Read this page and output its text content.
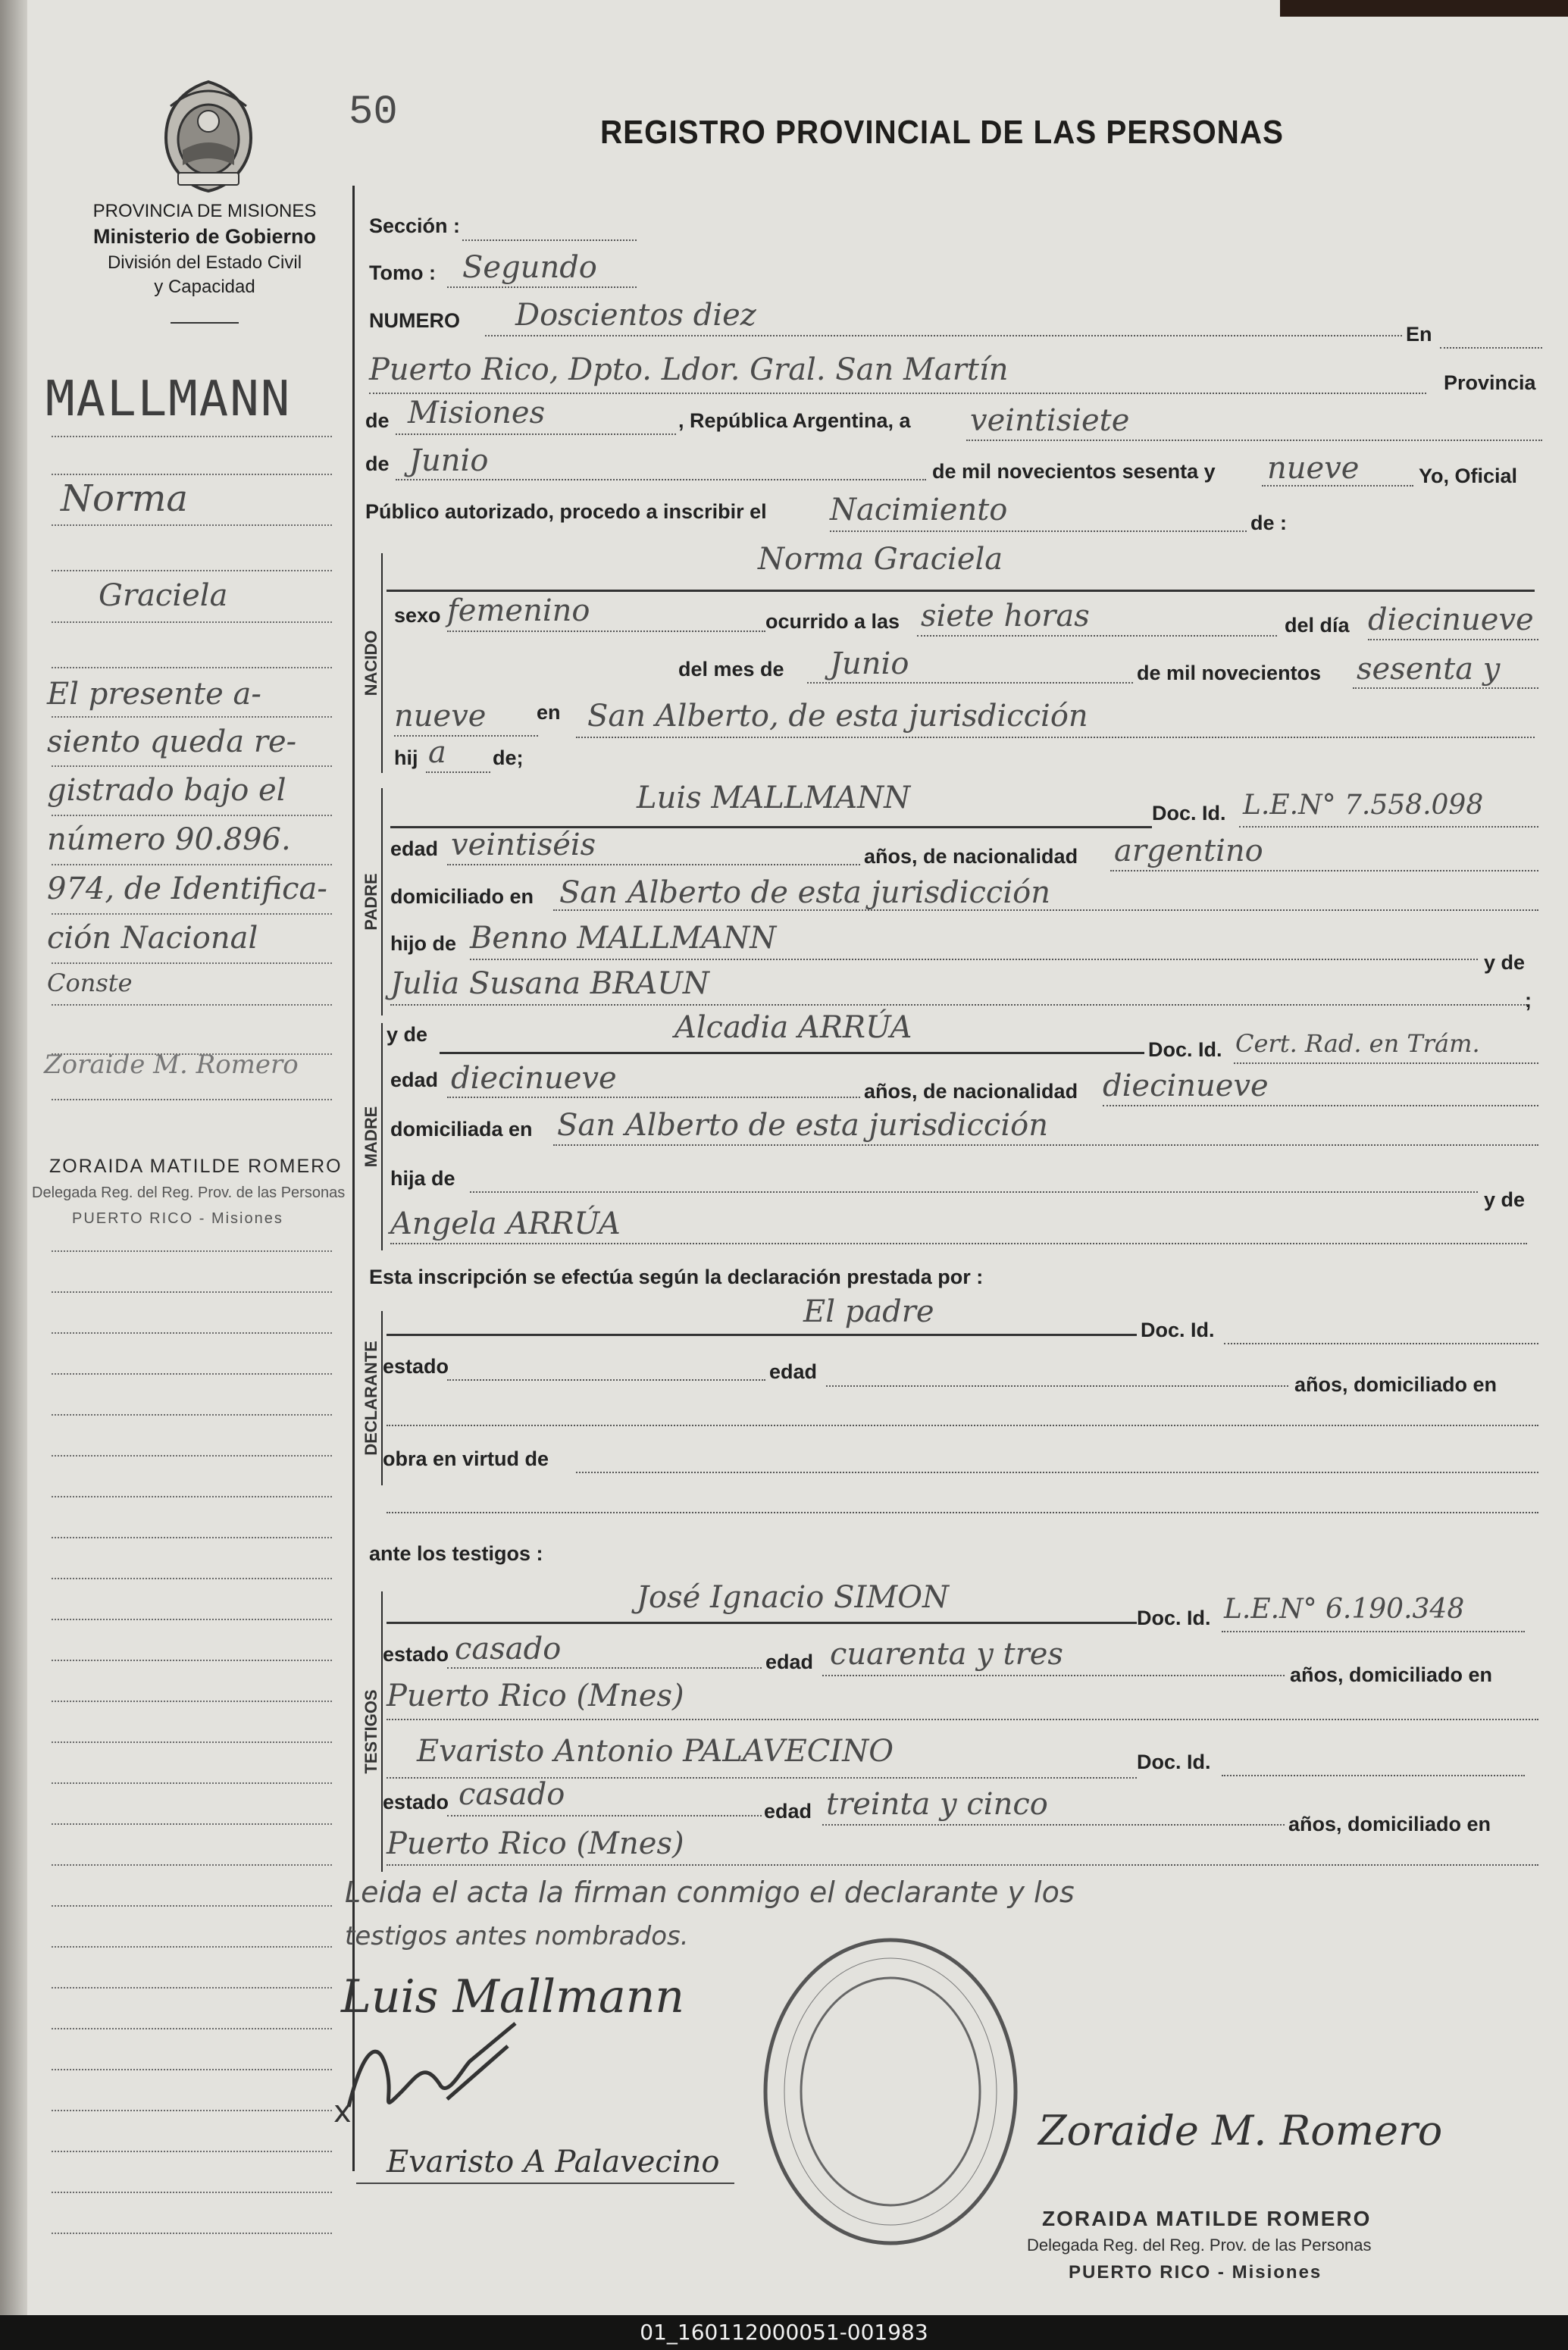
50	REGISTRO PROVINCIAL DE LAS PERSONAS
PROVINCIA DE MISIONES
Ministerio de Gobierno
División del Estado Civil
y Capacidad
NACIDO
PADRE
MADRE
DECLARANTE
TESTIGOS
Sección :
Tomo : Segundo
NUMERO Doscientos diez
En
Puerto Rico, Dpto. Ldor. Gral. San Martín	Provincia
de Misiones	, República Argentina, a veintisiete
de Junio	de mil novecientos sesenta y nueve	Yo, Oficial
Público autorizado, procedo a inscribir el Nacimiento	de :
Norma Graciela
sexo femenino	ocurrido a las siete horas	del día diecinueve
del mes de Junio	de mil novecientos sesenta y
nueve en San Alberto, de esta jurisdicción
hij a de;
Luis MALLMANN	Doc. Id. L.E.N° 7.558.098
edad veintiséis	años, de nacionalidad argentino
domiciliado en San Alberto de esta jurisdicción
hijo de Benno MALLMANN
y de
Julia Susana BRAUN	;
y de	Alcadia ARRÚA
Doc. Id. Cert. Rad. en Trám.
edad diecinueve	años, de nacionalidad diecinueve
domiciliada en San Alberto de esta jurisdicción
hija de
y de
Angela ARRÚA
Esta inscripción se efectúa según la declaración prestada por :
El padre
Doc. Id.
estado	edad
años, domiciliado en
obra en virtud de
ante los testigos :
José Ignacio SIMON
Doc. Id. L.E.N° 6.190.348
estado casado	edad cuarenta y tres
años, domiciliado en
Puerto Rico (Mnes)
Evaristo Antonio PALAVECINO	Doc. Id.
estado casado	edad treinta y cinco
años, domiciliado en
Puerto Rico (Mnes)
Leida el acta la firman conmigo el declarante y los
testigos antes nombrados.
Luis Mallmann
x
Evaristo A Palavecino
Zoraide M. Romero
ZORAIDA MATILDE ROMERO
Delegada Reg. del Reg. Prov. de las Personas
PUERTO RICO - Misiones
MALLMANN
Norma
Graciela
El presente a-
siento queda re-
gistrado bajo el
número 90.896.
974, de Identifica-
ción Nacional
Conste
Zoraide M. Romero
ZORAIDA MATILDE ROMERO
Delegada Reg. del Reg. Prov. de las Personas
PUERTO RICO - Misiones
01_160112000051-001983
